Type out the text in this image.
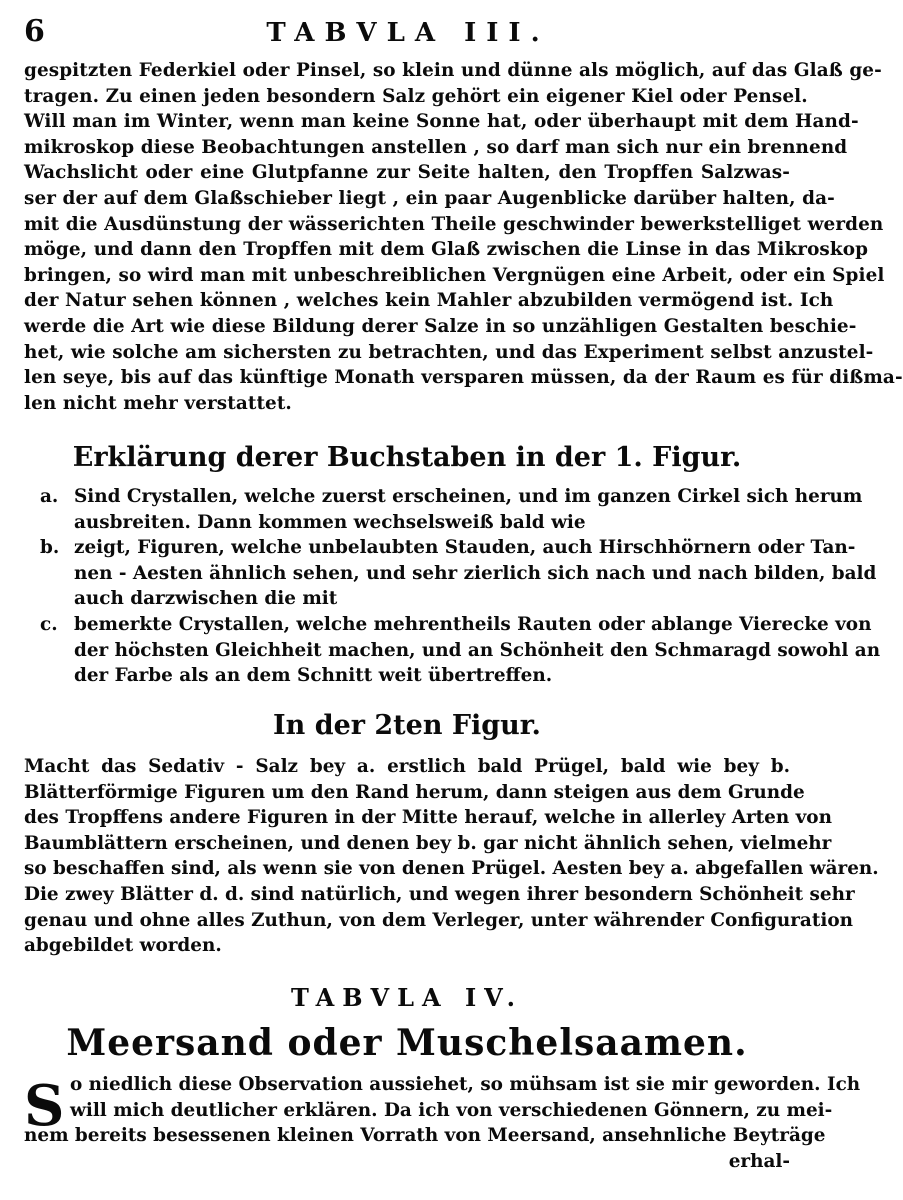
6	TABVLA III.
gespitzten Federkiel oder Pinsel, so klein und dünne als möglich, auf das Glaß ge-
tragen. Zu einen jeden besondern Salz gehört ein eigener Kiel oder Pensel.
Will man im Winter, wenn man keine Sonne hat, oder überhaupt mit dem Hand-
mikroskop diese Beobachtungen anstellen , so darf man sich nur ein brennend
Wachslicht oder eine Glutpfanne zur Seite halten, den Tropffen Salzwas-
ser der auf dem Glaßschieber liegt , ein paar Augenblicke darüber halten, da-
mit die Ausdünstung der wässerichten Theile geschwinder bewerkstelliget werden
möge, und dann den Tropffen mit dem Glaß zwischen die Linse in das Mikroskop
bringen, so wird man mit unbeschreiblichen Vergnügen eine Arbeit, oder ein Spiel
der Natur sehen können , welches kein Mahler abzubilden vermögend ist. Ich
werde die Art wie diese Bildung derer Salze in so unzähligen Gestalten beschie-
het, wie solche am sichersten zu betrachten, und das Experiment selbst anzustel-
len seye, bis auf das künftige Monath versparen müssen, da der Raum es für dißma-
len nicht mehr verstattet.
Erklärung derer Buchstaben in der 1. Figur.
a. Sind Crystallen, welche zuerst erscheinen, und im ganzen Cirkel sich herum
ausbreiten. Dann kommen wechselsweiß bald wie
b. zeigt, Figuren, welche unbelaubten Stauden, auch Hirschhörnern oder Tan-
nen - Aesten ähnlich sehen, und sehr zierlich sich nach und nach bilden, bald
auch darzwischen die mit
c. bemerkte Crystallen, welche mehrentheils Rauten oder ablange Vierecke von
der höchsten Gleichheit machen, und an Schönheit den Schmaragd sowohl an
der Farbe als an dem Schnitt weit übertreffen.
In der 2ten Figur.
Macht das Sedativ - Salz bey a. erstlich bald Prügel, bald wie bey b.
Blätterförmige Figuren um den Rand herum, dann steigen aus dem Grunde
des Tropffens andere Figuren in der Mitte herauf, welche in allerley Arten von
Baumblättern erscheinen, und denen bey b. gar nicht ähnlich sehen, vielmehr
so beschaffen sind, als wenn sie von denen Prügel. Aesten bey a. abgefallen wären.
Die zwey Blätter d. d. sind natürlich, und wegen ihrer besondern Schönheit sehr
genau und ohne alles Zuthun, von dem Verleger, unter währender Configuration
abgebildet worden.
TABVLA IV.
Meersand oder Muschelsaamen.
S o niedlich diese Observation aussiehet, so mühsam ist sie mir geworden. Ich
will mich deutlicher erklären. Da ich von verschiedenen Gönnern, zu mei-
nem bereits besessenen kleinen Vorrath von Meersand, ansehnliche Beyträge
erhal-
